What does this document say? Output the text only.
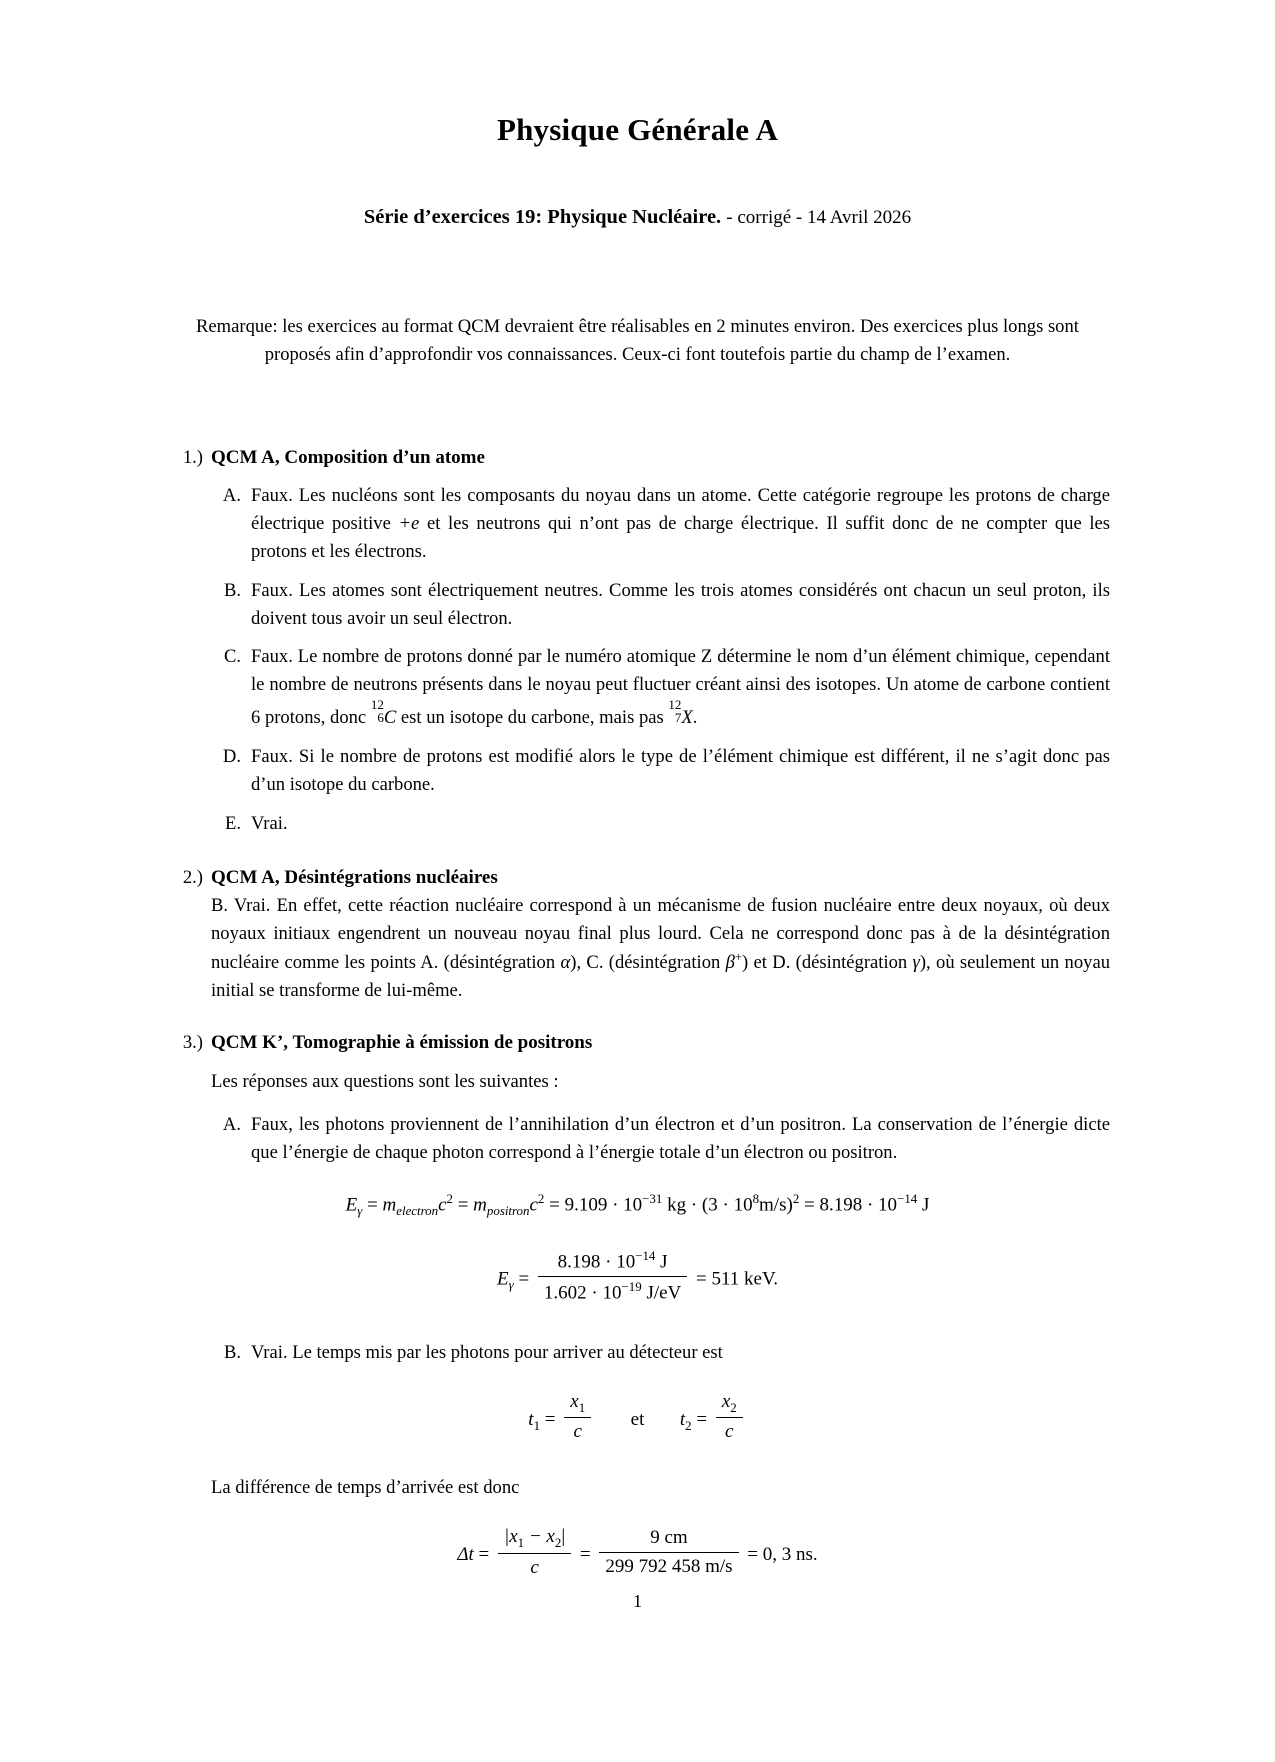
Physique Générale A
Série d’exercices 19: Physique Nucléaire. - corrigé - 14 Avril 2026
Remarque: les exercices au format QCM devraient être réalisables en 2 minutes environ. Des exercices plus longs sont proposés afin d’approfondir vos connaissances. Ceux-ci font toutefois partie du champ de l’examen.
1.) QCM A, Composition d’un atome
A. Faux. Les nucléons sont les composants du noyau dans un atome. Cette catégorie regroupe les protons de charge électrique positive +e et les neutrons qui n’ont pas de charge électrique. Il suffit donc de ne compter que les protons et les électrons.
B. Faux. Les atomes sont électriquement neutres. Comme les trois atomes considérés ont chacun un seul proton, ils doivent tous avoir un seul électron.
C. Faux. Le nombre de protons donné par le numéro atomique Z détermine le nom d’un élément chimique, cependant le nombre de neutrons présents dans le noyau peut fluctuer créant ainsi des isotopes. Un atome de carbone contient 6 protons, donc
12
6 C est un isotope du carbone, mais pas
12
7 X.
D. Faux. Si le nombre de protons est modifié alors le type de l’élément chimique est différent, il ne s’agit donc pas d’un isotope du carbone.
E. Vrai.
2.) QCM A, Désintégrations nucléaires
B. Vrai. En effet, cette réaction nucléaire correspond à un mécanisme de fusion nucléaire entre deux noyaux, où deux noyaux initiaux engendrent un nouveau noyau final plus lourd. Cela ne correspond donc pas à de la désintégration nucléaire comme les points A. (désintégration α), C. (désintégration β+) et D. (désintégration γ), où seulement un noyau initial se transforme de lui-même.
3.) QCM K’, Tomographie à émission de positrons
Les réponses aux questions sont les suivantes :
A. Faux, les photons proviennent de l’annihilation d’un électron et d’un positron. La conservation de l’énergie dicte que l’énergie de chaque photon correspond à l’énergie totale d’un électron ou positron.
$E_\gamma = m_{electron}c^2 = m_{positron}c^2 = 9.109 \cdot 10^{-31}$ kg · $(3 \cdot 10^8m/s)^2 = 8.198 \cdot 10^{-14}$ J
$E_\gamma = \frac{8.198 \cdot 10^{-14} J}{1.602 \cdot 10^{-19} J/eV} = 511$ keV.
B. Vrai. Le temps mis par les photons pour arriver au détecteur est
$t_1 = \frac{x_1}{c}$ et $t_2 = \frac{x_2}{c}$
La différence de temps d’arrivée est donc
$\Delta t = \frac{|x_1 - x_2|}{c} = \frac{9 cm}{299 792 458 m/s} = 0$, 3 ns.
1
